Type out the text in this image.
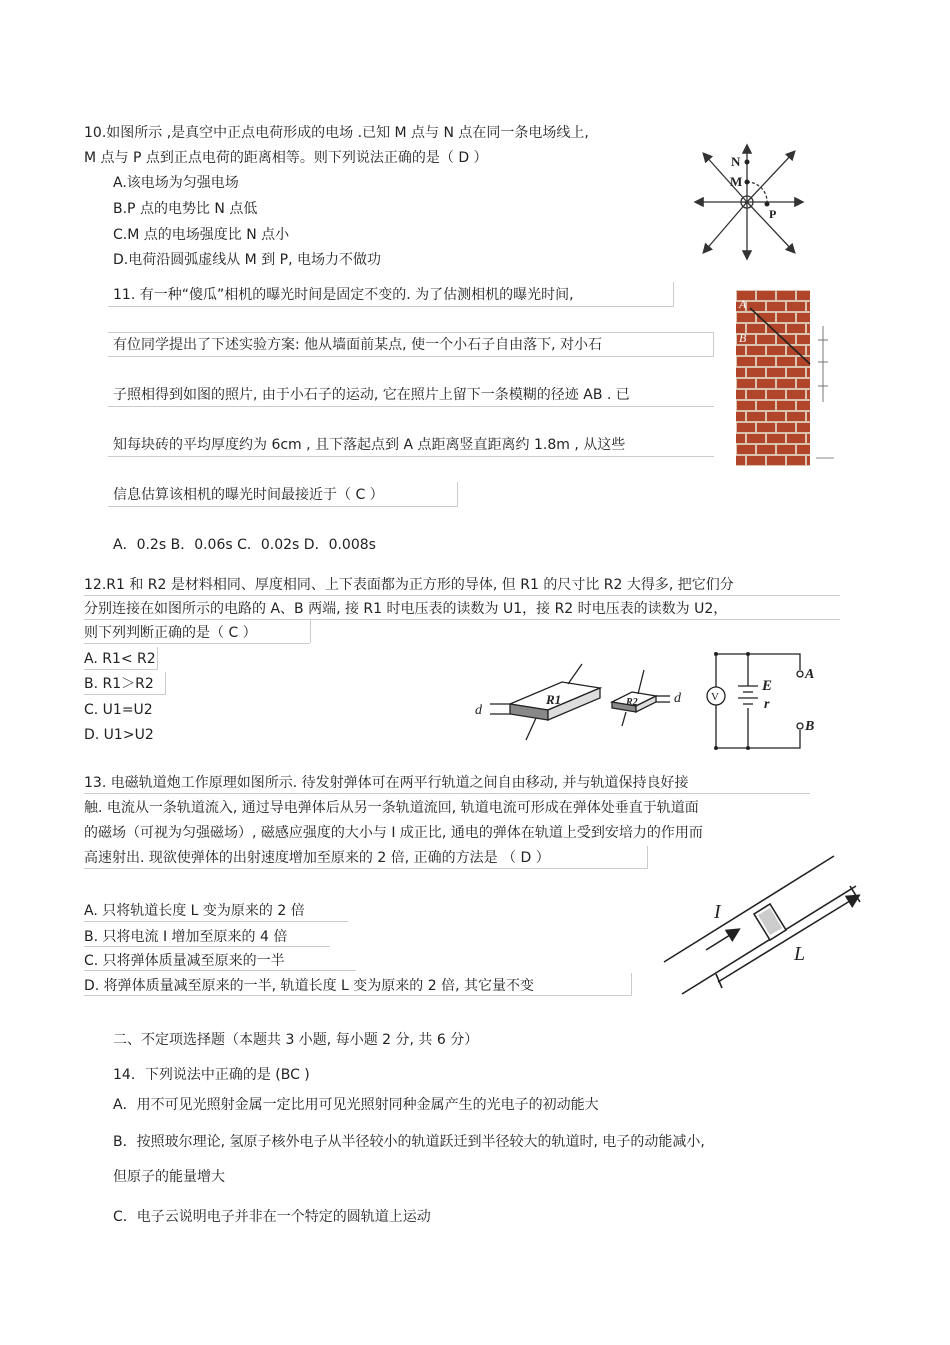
10.如图所示 ,是真空中正点电荷形成的电场 .已知 M 点与 N 点在同一条电场线上,
M 点与 P 点到正点电荷的距离相等。则下列说法正确的是（ D ）
A.该电场为匀强电场
B.P 点的电势比 N 点低
C.M 点的电场强度比 N 点小
D.电荷沿圆弧虚线从 M 到 P, 电场力不做功
+
N
M
P
11. 有一种“傻瓜”相机的曝光时间是固定不变的. 为了估测相机的曝光时间,
有位同学提出了下述实验方案: 他从墙面前某点, 使一个小石子自由落下, 对小石
子照相得到如图的照片, 由于小石子的运动, 它在照片上留下一条模糊的径迹 AB . 已
知每块砖的平均厚度约为 6cm , 且下落起点到 A 点距离竖直距离约 1.8m , 从这些
信息估算该相机的曝光时间最接近于（ C ）
A．0.2s B．0.06s C．0.02s D．0.008s
A
B
12.R1 和 R2 是材料相同、厚度相同、上下表面都为正方形的导体, 但 R1 的尺寸比 R2 大得多, 把它们分
分别连接在如图所示的电路的 A、B 两端, 接 R1 时电压表的读数为 U1，接 R2 时电压表的读数为 U2，
则下列判断正确的是（ C ）
A. R1< R2
B. R1＞R2
C. U1=U2
D. U1>U2
R1	R2
d
d	V
E
r
A
B
13. 电磁轨道炮工作原理如图所示. 待发射弹体可在两平行轨道之间自由移动, 并与轨道保持良好接
触. 电流从一条轨道流入, 通过导电弹体后从另一条轨道流回, 轨道电流可形成在弹体处垂直于轨道面
的磁场（可视为匀强磁场）, 磁感应强度的大小与 I 成正比, 通电的弹体在轨道上受到安培力的作用而
高速射出. 现欲使弹体的出射速度增加至原来的 2 倍, 正确的方法是 （ D ）
A. 只将轨道长度 L 变为原来的 2 倍
B. 只将电流 I 增加至原来的 4 倍
C. 只将弹体质量减至原来的一半
D. 将弹体质量减至原来的一半, 轨道长度 L 变为原来的 2 倍, 其它量不变
I
L
二、不定项选择题（本题共 3 小题, 每小题 2 分, 共 6 分）
14．下列说法中正确的是 (BC )
A．用不可见光照射金属一定比用可见光照射同种金属产生的光电子的初动能大
B．按照玻尔理论, 氢原子核外电子从半径较小的轨道跃迁到半径较大的轨道时, 电子的动能减小,
但原子的能量增大
C．电子云说明电子并非在一个特定的圆轨道上运动
